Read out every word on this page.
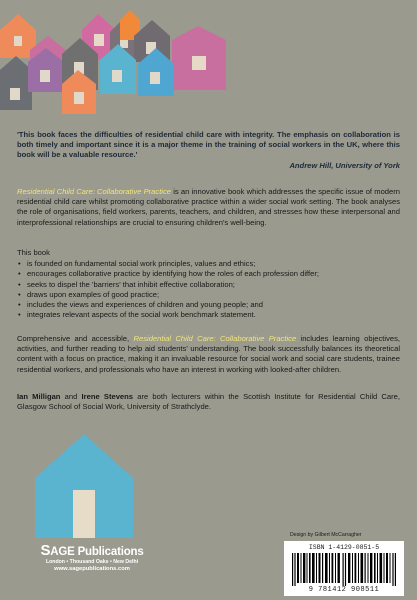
'This book faces the difficulties of residential child care with integrity. The emphasis on collaboration is both timely and important since it is a major theme in the training of social workers in the UK, where this book will be a valuable resource.'
Andrew Hill, University of York
Residential Child Care: Collaborative Practice is an innovative book which addresses the specific issue of modern residential child care whilst promoting collaborative practice within a wider social work setting. The book analyses the role of organisations, field workers, parents, teachers, and children, and stresses how these interpersonal and interprofessional relationships are crucial to ensuring children's well-being.
This book
• is founded on fundamental social work principles, values and ethics;
• encourages collaborative practice by identifying how the roles of each profession differ;
• seeks to dispel the 'barriers' that inhibit effective collaboration;
• draws upon examples of good practice;
• includes the views and experiences of children and young people; and
• integrates relevant aspects of the social work benchmark statement.
Comprehensive and accessible, Residential Child Care: Collaborative Practice includes learning objectives, activities, and further reading to help aid students' understanding. The book successfully balances its theoretical content with a focus on practice, making it an invaluable resource for social work and social care students, trainee residential workers, and professionals who have an interest in working with looked-after children.
Ian Milligan and Irene Stevens are both lecturers within the Scottish Institute for Residential Child Care, Glasgow School of Social Work, University of Strathclyde.
Design by Gilbert McCarragher
ISBN 1-4129-0851-5
9 781412 908511
SAGE Publications
London • Thousand Oaks • New Delhi
www.sagepublications.com
